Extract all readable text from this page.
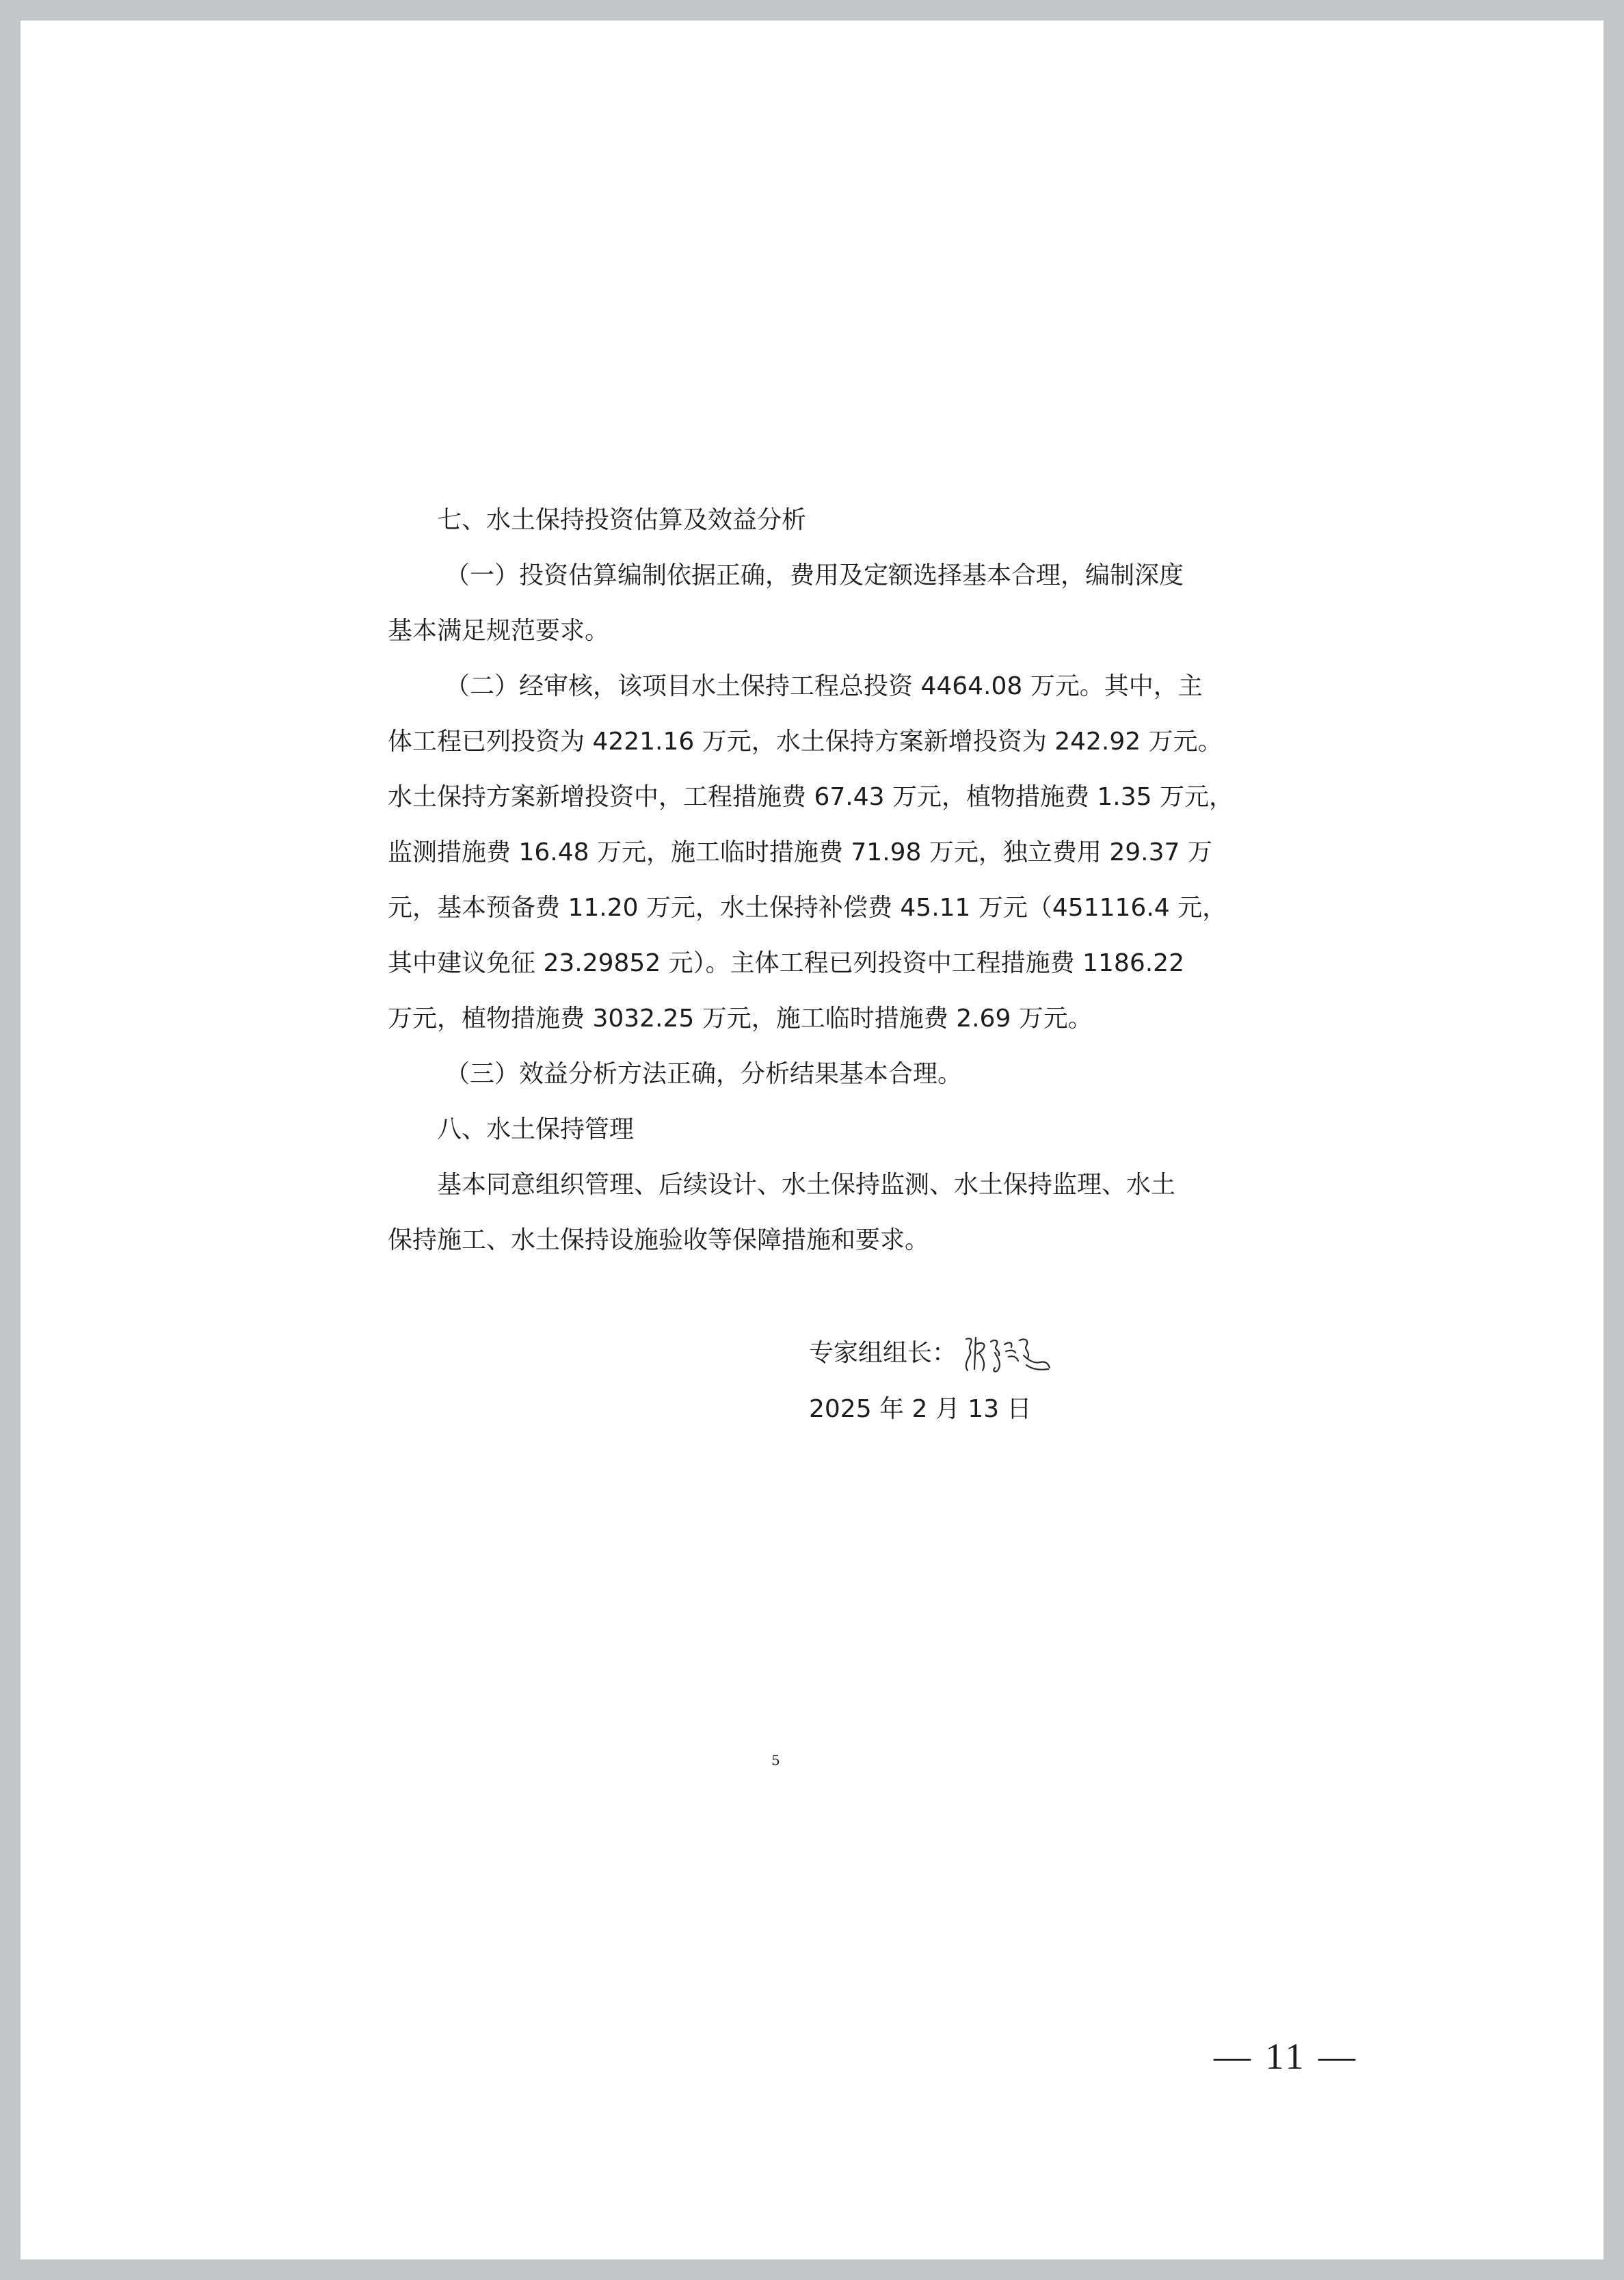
七、水土保持投资估算及效益分析
（一）投资估算编制依据正确，费用及定额选择基本合理，编制深度
基本满足规范要求。
（二）经审核，该项目水土保持工程总投资 4464.08 万元。其中，主
体工程已列投资为 4221.16 万元，水土保持方案新增投资为 242.92 万元。
水土保持方案新增投资中，工程措施费 67.43 万元，植物措施费 1.35 万元，
监测措施费 16.48 万元，施工临时措施费 71.98 万元，独立费用 29.37 万
元，基本预备费 11.20 万元，水土保持补偿费 45.11 万元（451116.4 元，
其中建议免征 23.29852 元）。主体工程已列投资中工程措施费 1186.22
万元，植物措施费 3032.25 万元，施工临时措施费 2.69 万元。
（三）效益分析方法正确，分析结果基本合理。
八、水土保持管理
基本同意组织管理、后续设计、水土保持监测、水土保持监理、水土
保持施工、水土保持设施验收等保障措施和要求。
专家组组长：
2025 年 2 月 13 日
5
— 11 —
